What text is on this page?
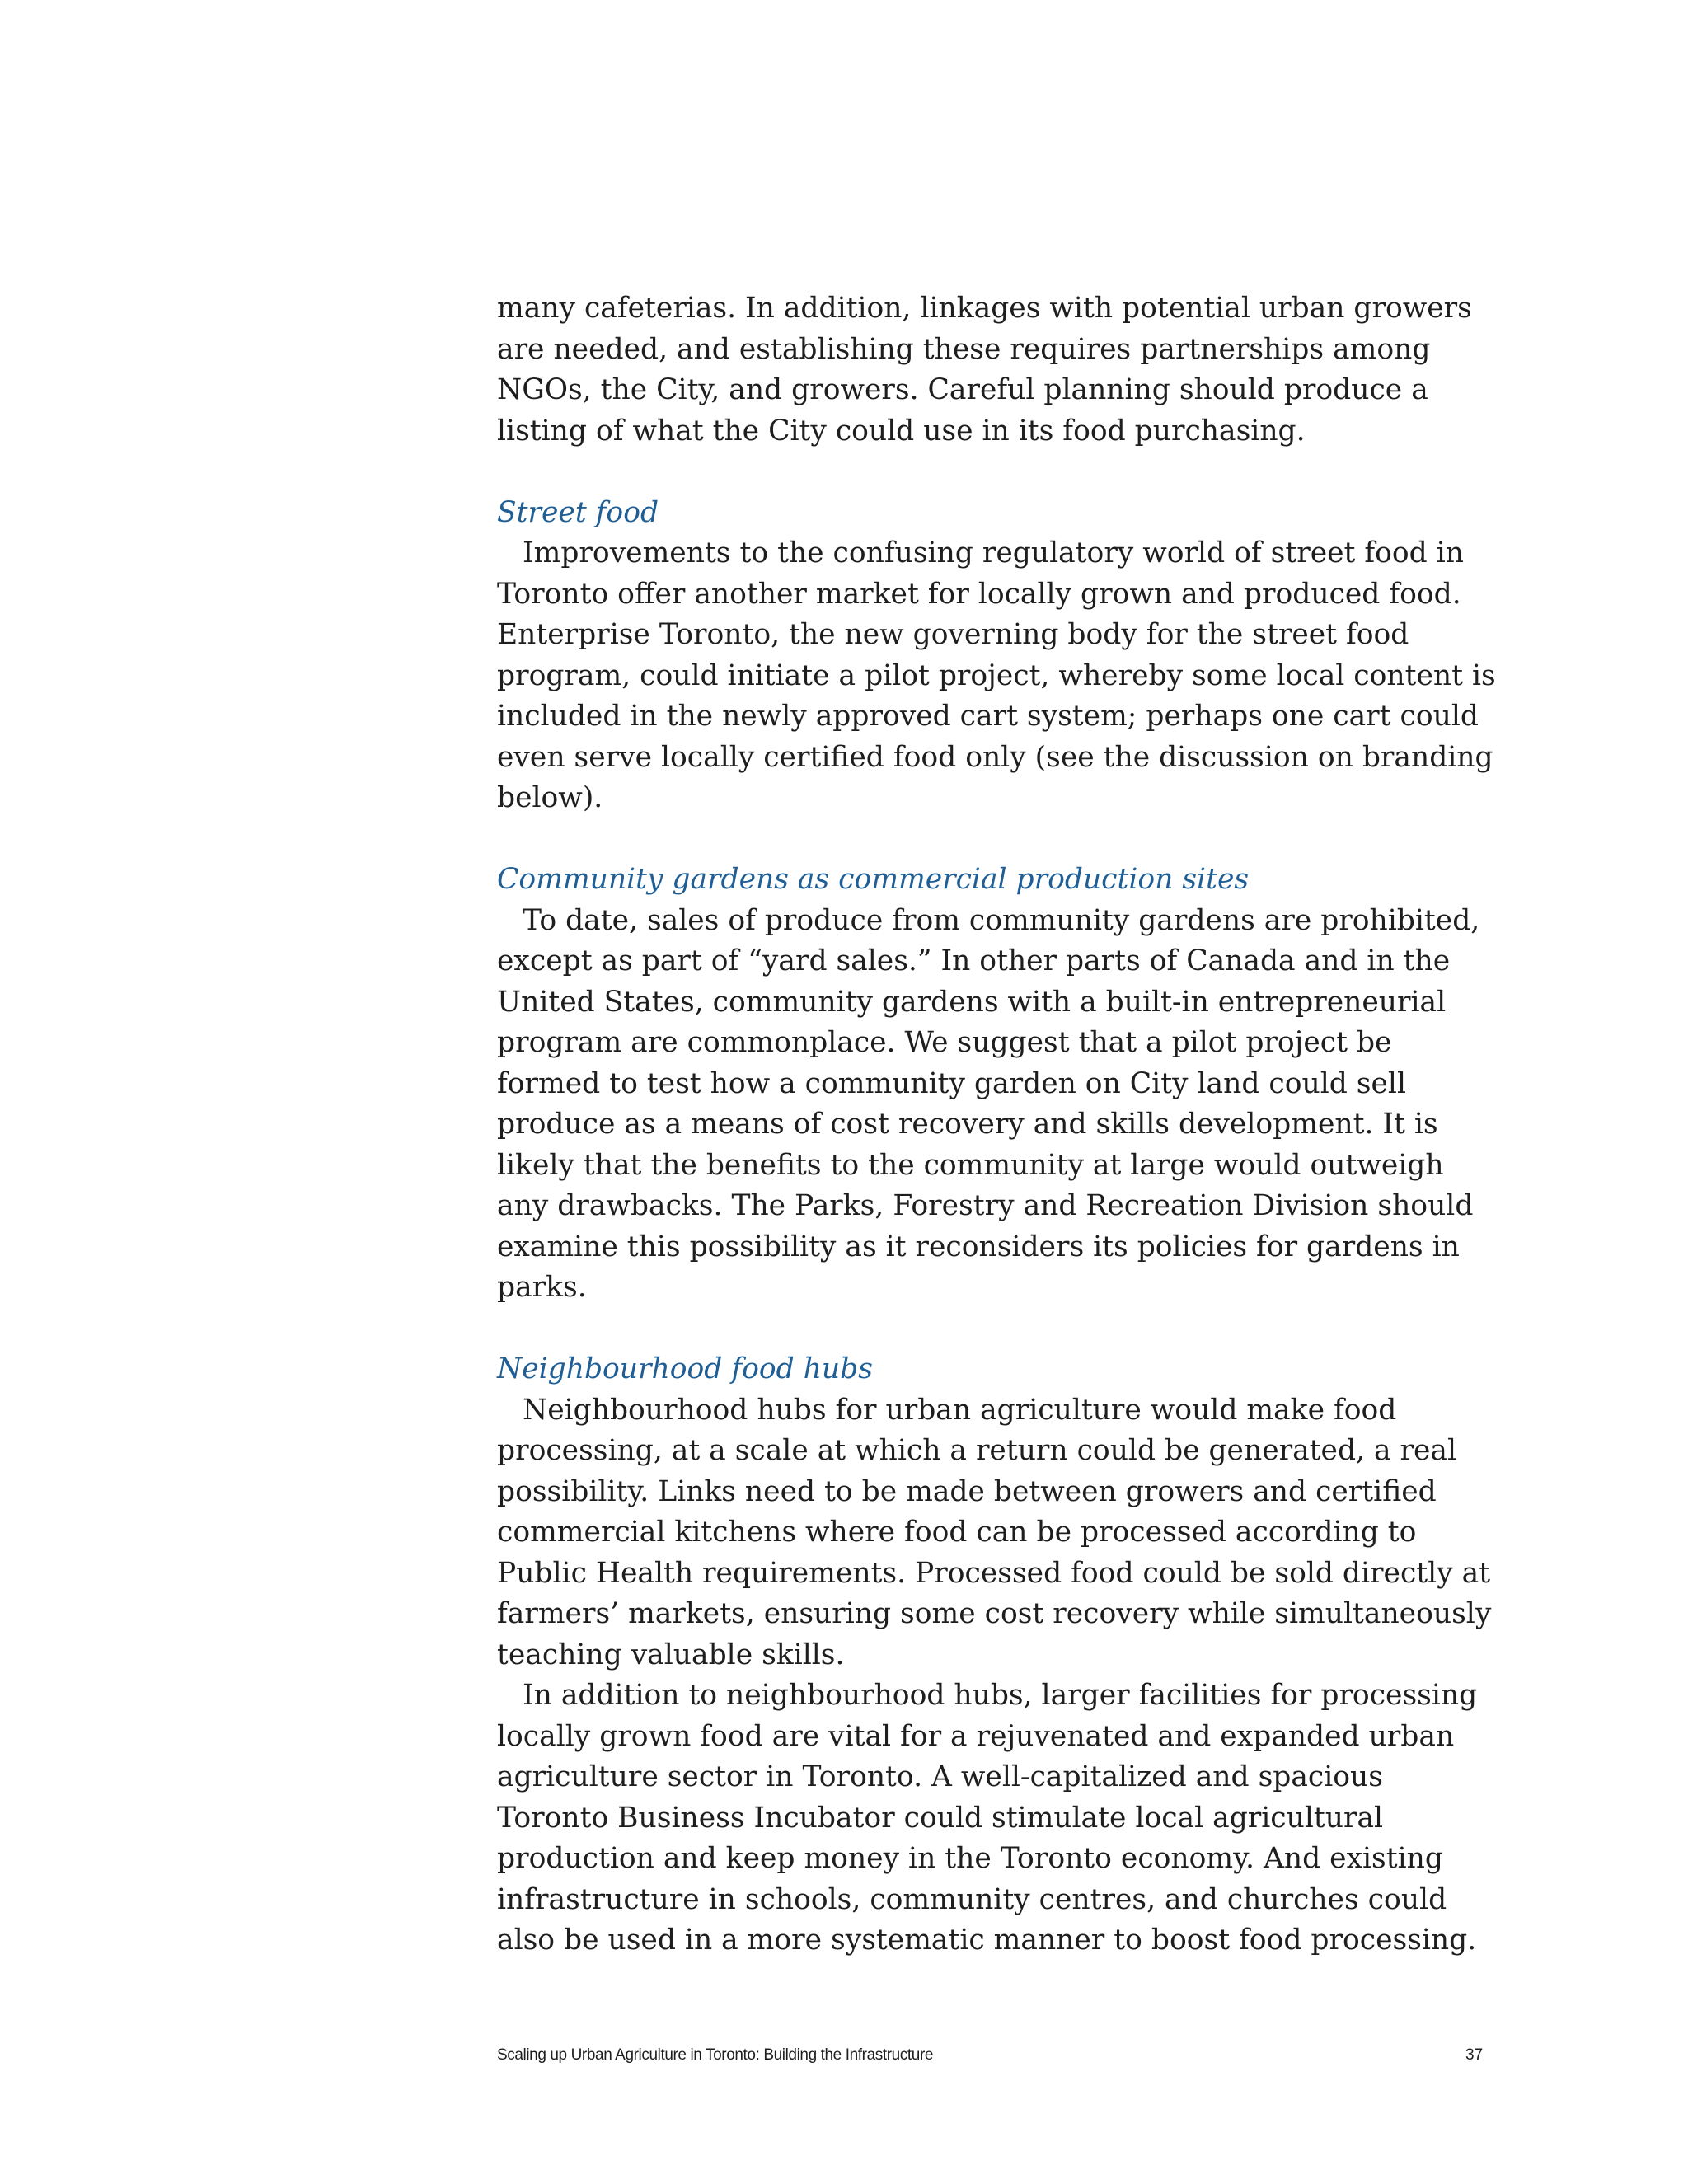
many cafeterias. In addition, linkages with potential urban growers are needed, and establishing these requires partnerships among NGOs, the City, and growers. Careful planning should produce a listing of what the City could use in its food purchasing.

Street food

Improvements to the confusing regulatory world of street food in Toronto offer another market for locally grown and produced food. Enterprise Toronto, the new governing body for the street food program, could initiate a pilot project, whereby some local content is included in the newly approved cart system; perhaps one cart could even serve locally certified food only (see the discussion on branding below).

Community gardens as commercial production sites

To date, sales of produce from community gardens are prohibited, except as part of “yard sales.” In other parts of Canada and in the United States, community gardens with a built-in entrepreneurial program are commonplace. We suggest that a pilot project be formed to test how a community garden on City land could sell produce as a means of cost recovery and skills development. It is likely that the benefits to the community at large would outweigh any drawbacks. The Parks, Forestry and Recreation Division should examine this possibility as it reconsiders its policies for gardens in parks.

Neighbourhood food hubs

Neighbourhood hubs for urban agriculture would make food processing, at a scale at which a return could be generated, a real possibility. Links need to be made between growers and certified commercial kitchens where food can be processed according to Public Health requirements. Processed food could be sold directly at farmers’ markets, ensuring some cost recovery while simultaneously teaching valuable skills.

In addition to neighbourhood hubs, larger facilities for processing locally grown food are vital for a rejuvenated and expanded urban agriculture sector in Toronto. A well-capitalized and spacious Toronto Business Incubator could stimulate local agricultural production and keep money in the Toronto economy. And existing infrastructure in schools, community centres, and churches could also be used in a more systematic manner to boost food processing.

Scaling up Urban Agriculture in Toronto: Building the Infrastructure	37
